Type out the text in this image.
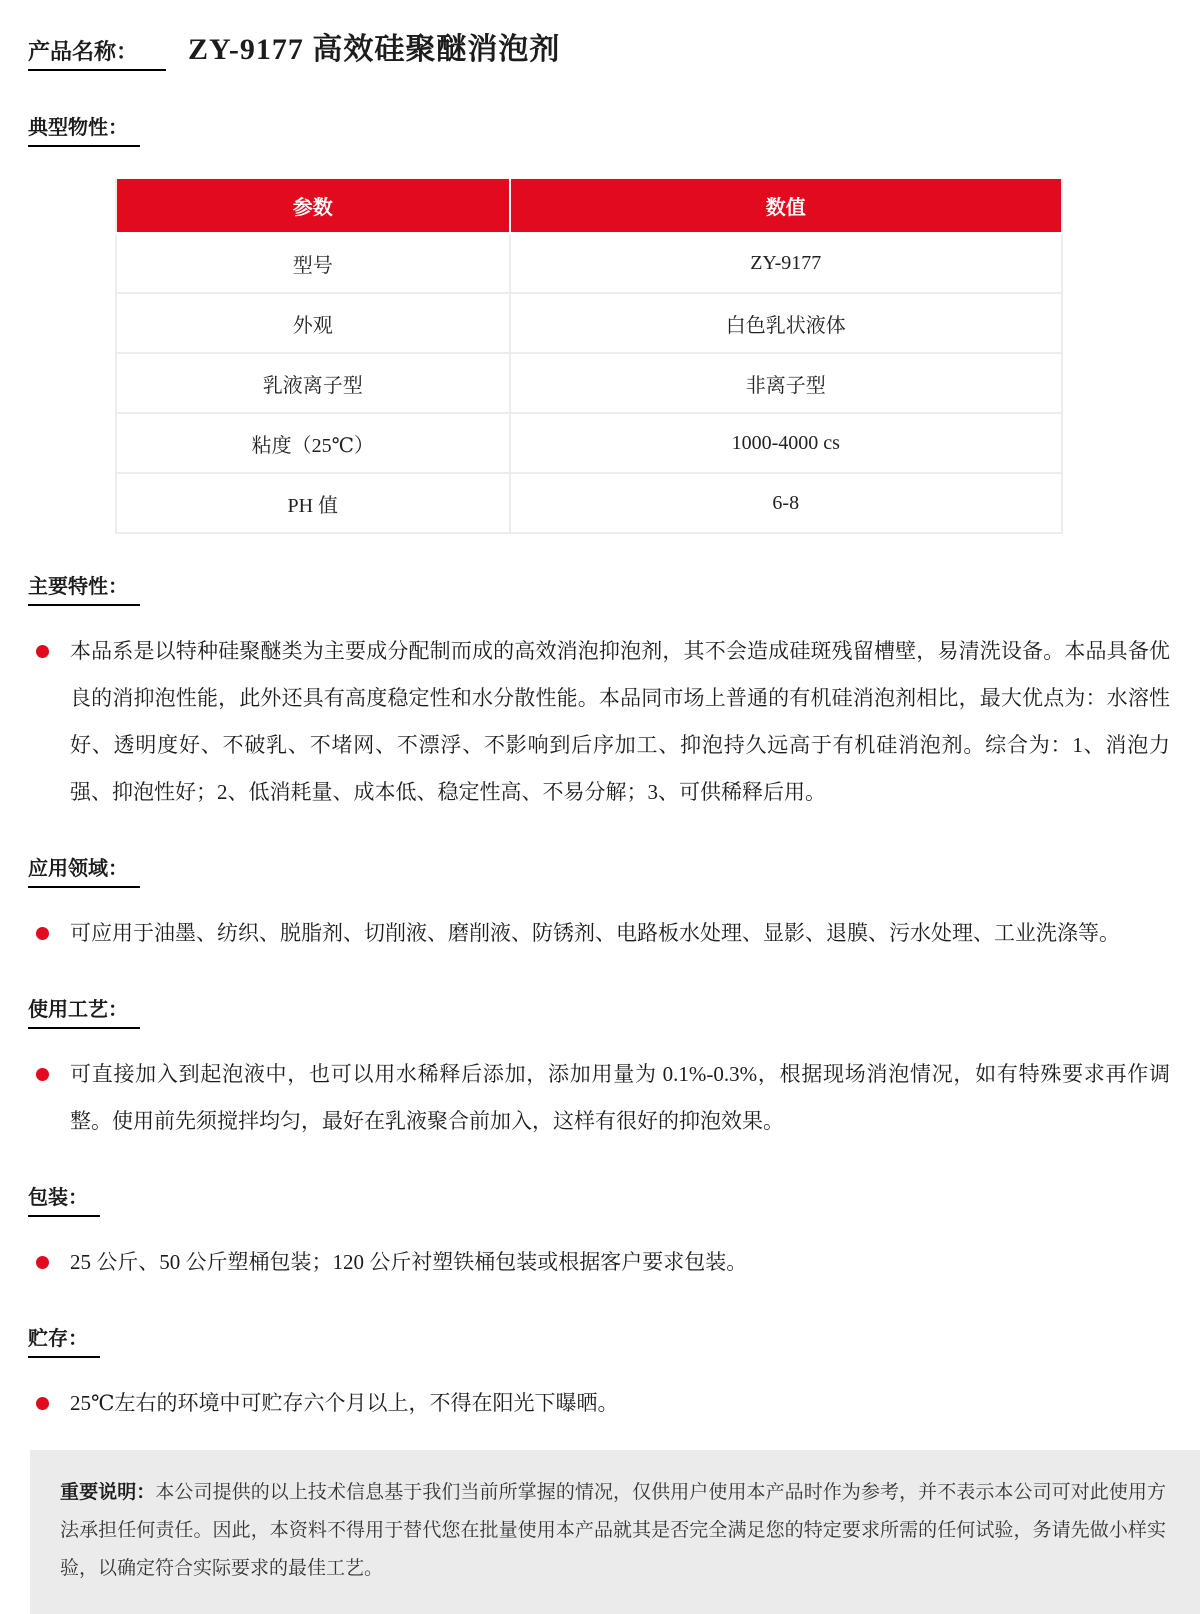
产品名称：	ZY-9177 高效硅聚醚消泡剂
典型物性：
参数	数值
型号	ZY-9177
外观	白色乳状液体
乳液离子型	非离子型
粘度（25℃）	1000-4000 cs
PH 值	6-8
主要特性：

本品系是以特种硅聚醚类为主要成分配制而成的高效消泡抑泡剂，其不会造成硅斑残留槽壁，易清洗设备。本品具备优良的消抑泡性能，此外还具有高度稳定性和水分散性能。本品同市场上普通的有机硅消泡剂相比，最大优点为：水溶性好、透明度好、不破乳、不堵网、不漂浮、不影响到后序加工、抑泡持久远高于有机硅消泡剂。综合为：1、消泡力强、抑泡性好；2、低消耗量、成本低、稳定性高、不易分解；3、可供稀释后用。

应用领域：

可应用于油墨、纺织、脱脂剂、切削液、磨削液、防锈剂、电路板水处理、显影、退膜、污水处理、工业洗涤等。

使用工艺：

可直接加入到起泡液中，也可以用水稀释后添加，添加用量为 0.1%-0.3%，根据现场消泡情况，如有特殊要求再作调整。使用前先须搅拌均匀，最好在乳液聚合前加入，这样有很好的抑泡效果。

包装：

25 公斤、50 公斤塑桶包装；120 公斤衬塑铁桶包装或根据客户要求包装。

贮存：

25℃左右的环境中可贮存六个月以上，不得在阳光下曝晒。

重要说明：本公司提供的以上技术信息基于我们当前所掌握的情况，仅供用户使用本产品时作为参考，并不表示本公司可对此使用方法承担任何责任。因此，本资料不得用于替代您在批量使用本产品就其是否完全满足您的特定要求所需的任何试验，务请先做小样实验，以确定符合实际要求的最佳工艺。
